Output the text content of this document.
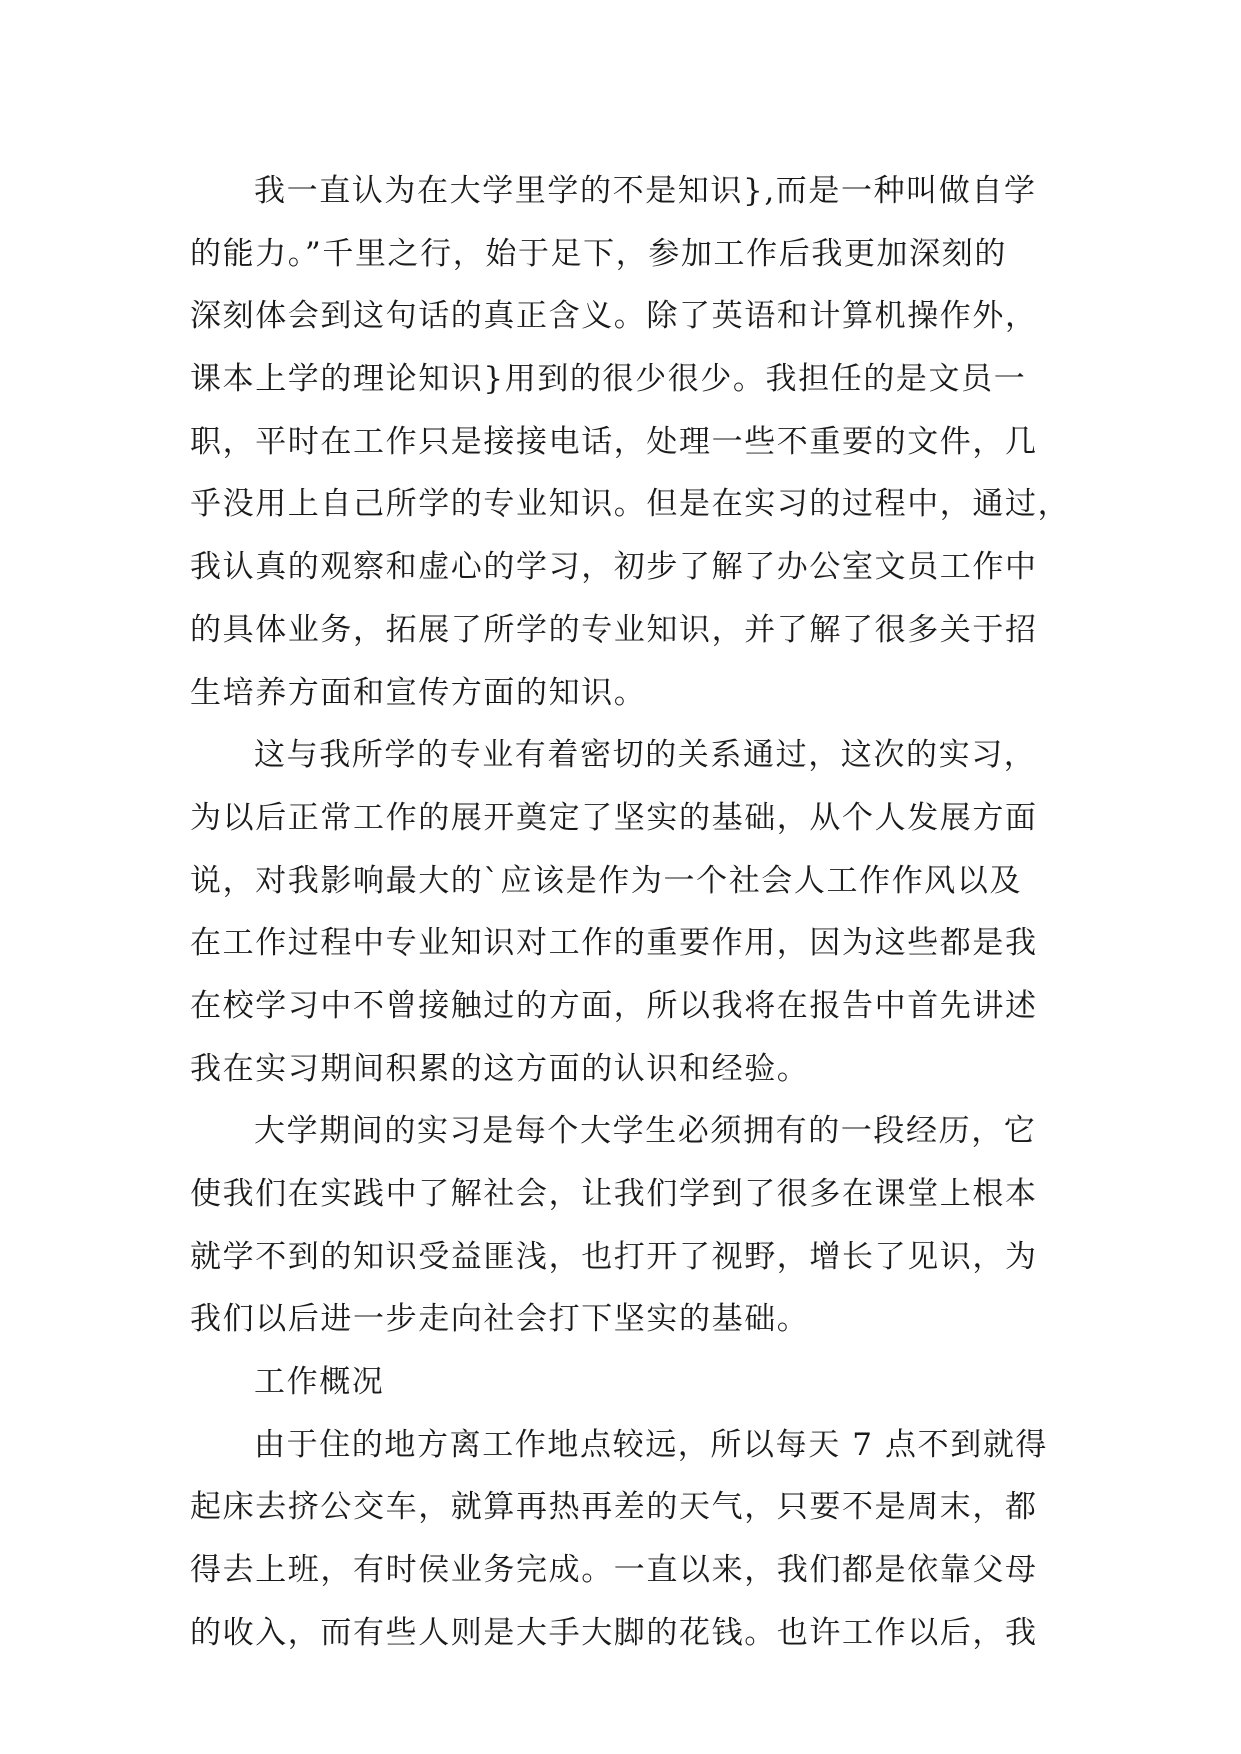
我一直认为在大学里学的不是知识},而是一种叫做自学
的能力。”千里之行，始于足下，参加工作后我更加深刻的
深刻体会到这句话的真正含义。除了英语和计算机操作外，
课本上学的理论知识}用到的很少很少。我担任的是文员一
职，平时在工作只是接接电话，处理一些不重要的文件，几
乎没用上自己所学的专业知识。但是在实习的过程中，通过，
我认真的观察和虚心的学习，初步了解了办公室文员工作中
的具体业务，拓展了所学的专业知识，并了解了很多关于招
生培养方面和宣传方面的知识。
这与我所学的专业有着密切的关系通过，这次的实习，
为以后正常工作的展开奠定了坚实的基础，从个人发展方面
说，对我影响最大的`应该是作为一个社会人工作作风以及
在工作过程中专业知识对工作的重要作用，因为这些都是我
在校学习中不曾接触过的方面，所以我将在报告中首先讲述
我在实习期间积累的这方面的认识和经验。
大学期间的实习是每个大学生必须拥有的一段经历，它
使我们在实践中了解社会，让我们学到了很多在课堂上根本
就学不到的知识受益匪浅，也打开了视野，增长了见识，为
我们以后进一步走向社会打下坚实的基础。
工作概况
由于住的地方离工作地点较远，所以每天 7 点不到就得
起床去挤公交车，就算再热再差的天气，只要不是周末，都
得去上班，有时侯业务完成。一直以来，我们都是依靠父母
的收入，而有些人则是大手大脚的花钱。也许工作以后，我
